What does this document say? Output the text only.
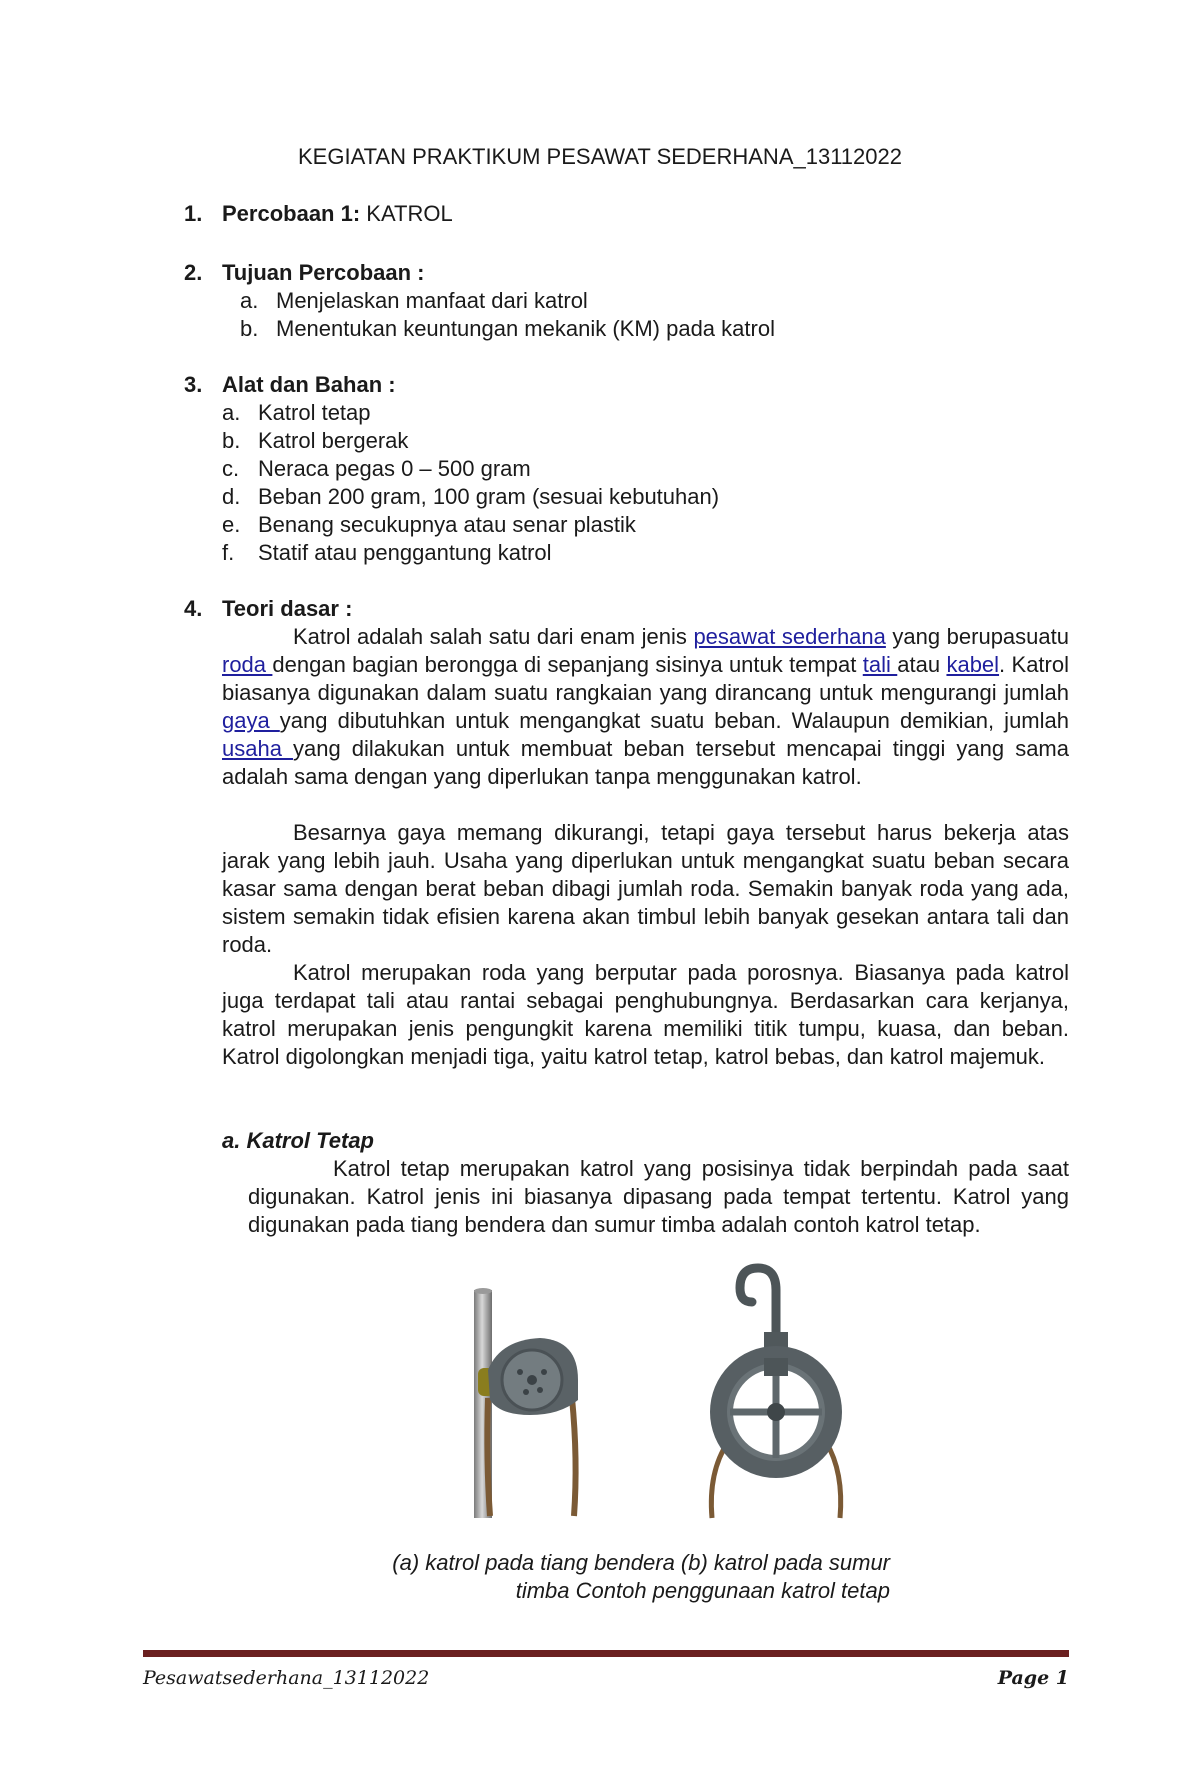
KEGIATAN PRAKTIKUM PESAWAT SEDERHANA_13112022
1. Percobaan 1: KATROL
2. Tujuan Percobaan :
a. Menjelaskan manfaat dari katrol
b. Menentukan keuntungan mekanik (KM) pada katrol
3. Alat dan Bahan :
a. Katrol tetap
b. Katrol bergerak
c. Neraca pegas 0 – 500 gram
d. Beban 200 gram, 100 gram (sesuai kebutuhan)
e. Benang secukupnya atau senar plastik
f. Statif atau penggantung katrol
4. Teori dasar :
Katrol adalah salah satu dari enam jenis pesawat sederhana yang berupasuatu roda dengan bagian berongga di sepanjang sisinya untuk tempat tali atau kabel. Katrol biasanya digunakan dalam suatu rangkaian yang dirancang untuk mengurangi jumlah gaya yang dibutuhkan untuk mengangkat suatu beban. Walaupun demikian, jumlah usaha yang dilakukan untuk membuat beban tersebut mencapai tinggi yang sama adalah sama dengan yang diperlukan tanpa menggunakan katrol.
Besarnya gaya memang dikurangi, tetapi gaya tersebut harus bekerja atas jarak yang lebih jauh. Usaha yang diperlukan untuk mengangkat suatu beban secara kasar sama dengan berat beban dibagi jumlah roda. Semakin banyak roda yang ada, sistem semakin tidak efisien karena akan timbul lebih banyak gesekan antara tali dan roda.
Katrol merupakan roda yang berputar pada porosnya. Biasanya pada katrol juga terdapat tali atau rantai sebagai penghubungnya. Berdasarkan cara kerjanya, katrol merupakan jenis pengungkit karena memiliki titik tumpu, kuasa, dan beban. Katrol digolongkan menjadi tiga, yaitu katrol tetap, katrol bebas, dan katrol majemuk.
a. Katrol Tetap
Katrol tetap merupakan katrol yang posisinya tidak berpindah pada saat digunakan. Katrol jenis ini biasanya dipasang pada tempat tertentu. Katrol yang digunakan pada tiang bendera dan sumur timba adalah contoh katrol tetap.
(a) katrol pada tiang bendera (b) katrol pada sumur
timba Contoh penggunaan katrol tetap
Pesawatsederhana_13112022	Page 1
